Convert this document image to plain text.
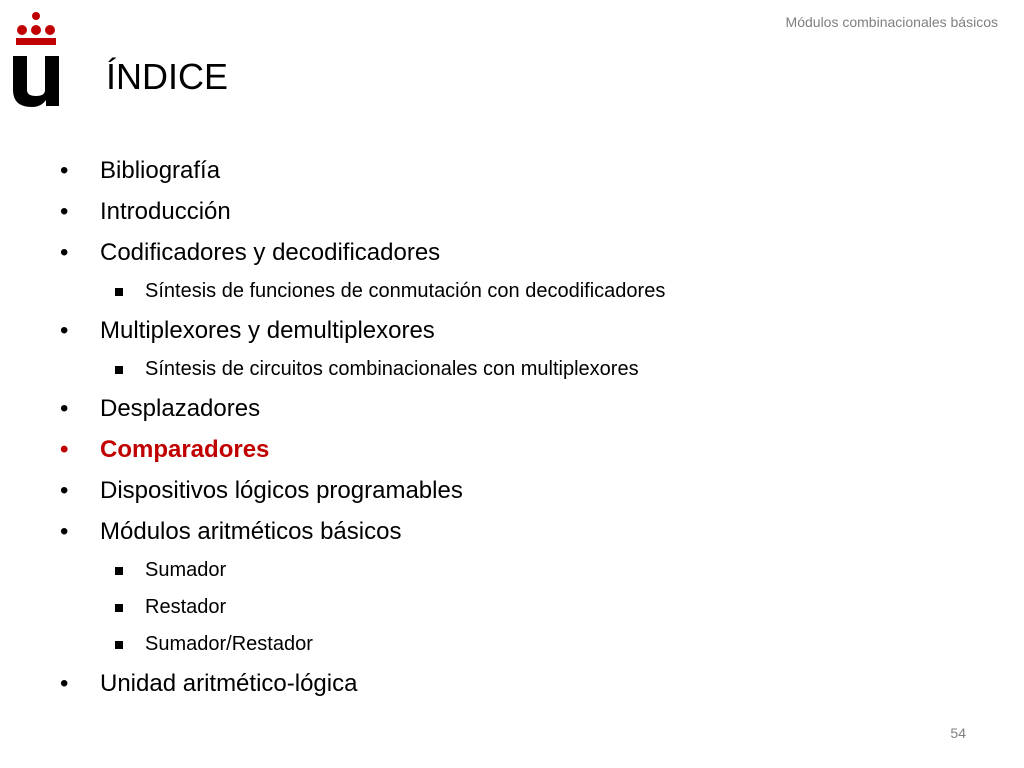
Módulos combinacionales básicos
ÍNDICE
•	Bibliografía
•	Introducción
•	Codificadores y decodificadores
Síntesis de funciones de conmutación con decodificadores
•	Multiplexores y demultiplexores
Síntesis de circuitos combinacionales con multiplexores
•	Desplazadores
•	Comparadores
•	Dispositivos lógicos programables
•	Módulos aritméticos básicos
Sumador
Restador
Sumador/Restador
•	Unidad aritmético-lógica
54
